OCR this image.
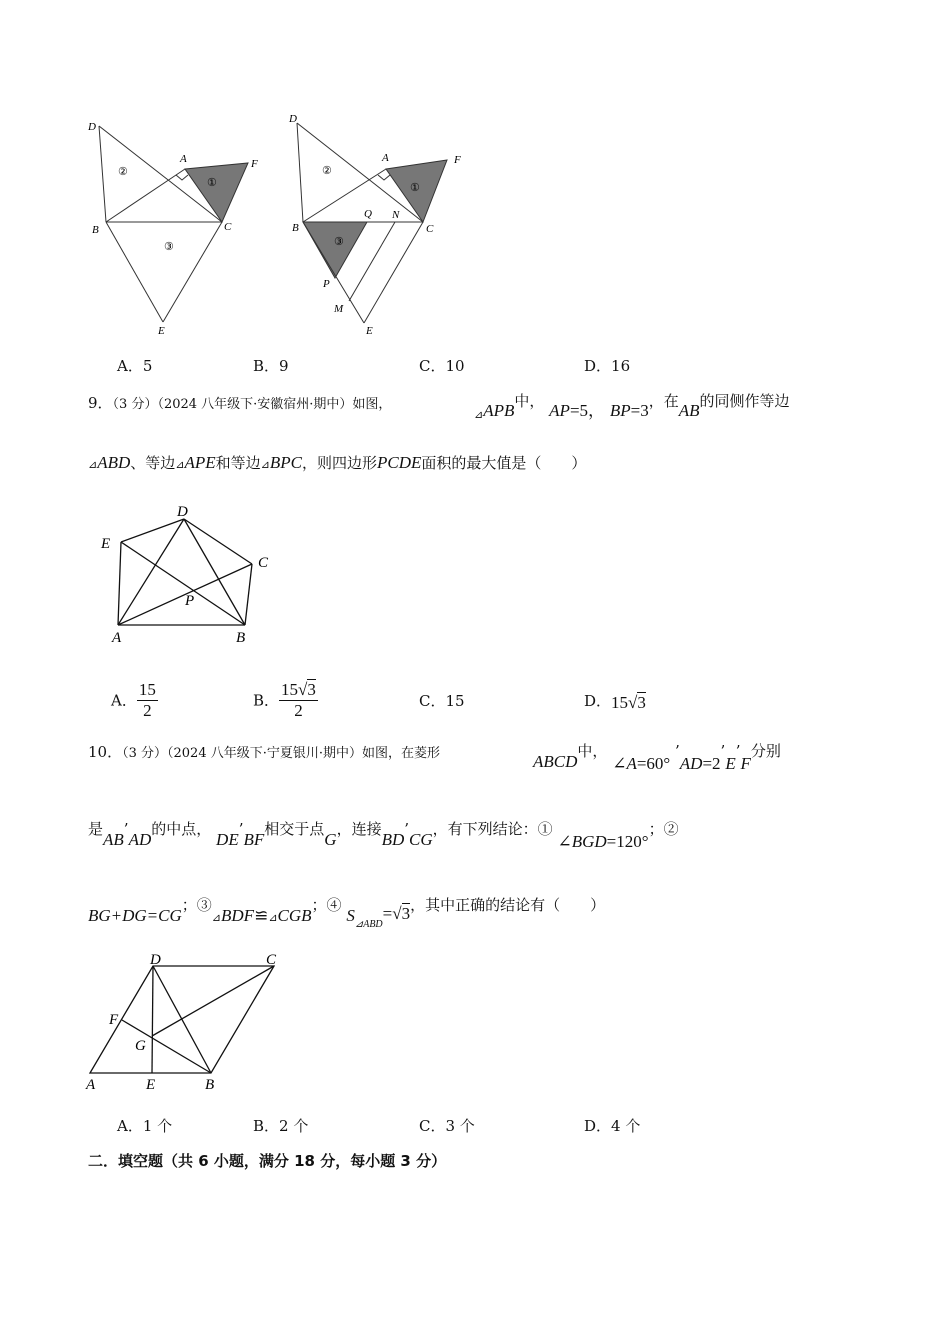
D
A	F
B	C
E
①
②
③
D
A	F
B	C
Q N
P
M
E
①
②
③
A．5	B．9	C．10	D．16
9．（3 分）（2024 八年级下·安徽宿州·期中）如图，
$_⊿$APB中， AP=5， BP=3，在AB的同侧作等边
⊿ABD、等边⊿APE和等边⊿BPC，则四边形PCDE面积的最大值是（　　）
D
E
C
P
A	B
A． $\frac{15}{2}$	B． $\frac{15√3}{2}$	C．15	D．15√3
10．（3 分）（2024 八年级下·宁夏银川·期中）如图，在菱形	ABCD中， ∠A=60° ’AD=2’E’F分别
是AB’AD的中点， DE’BF相交于点G，连接BD’CG，有下列结论：① ∠BGD=120°；②
BG+DG=CG；$③_⊿BDF≌_⊿CGB$；④ $S_{⊿ABD}=√3$，其中正确的结论有（　　）
D	C
F
G
A	E	B
A．1 个	B．2 个	C．3 个	D．4 个
二．填空题（共 6 小题，满分 18 分，每小题 3 分）
